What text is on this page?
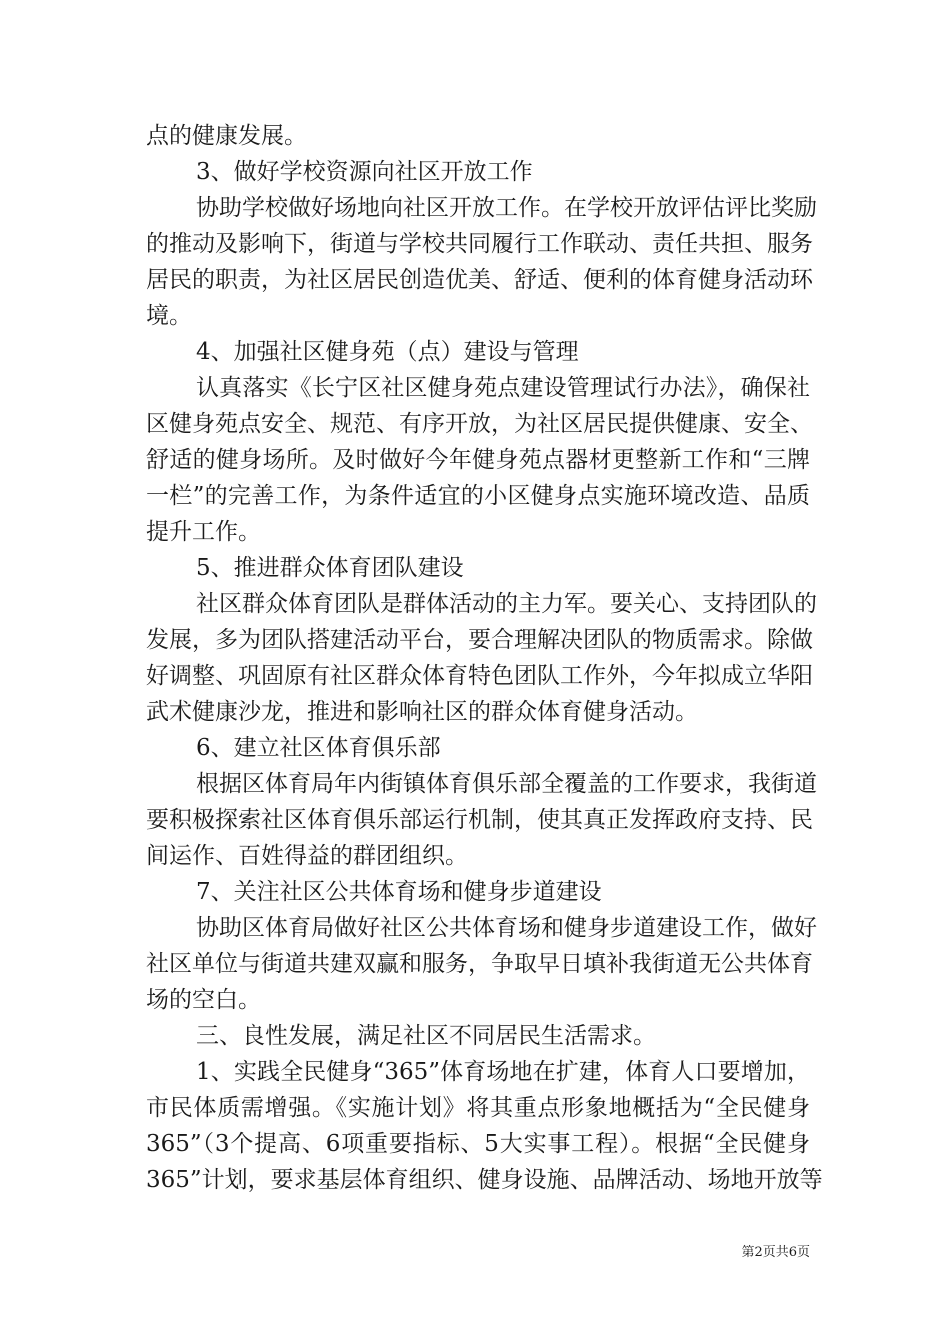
点的健康发展。
3、做好学校资源向社区开放工作
协助学校做好场地向社区开放工作。在学校开放评估评比奖励
的推动及影响下，街道与学校共同履行工作联动、责任共担、服务
居民的职责，为社区居民创造优美、舒适、便利的体育健身活动环
境。
4、加强社区健身苑（点）建设与管理
认真落实《长宁区社区健身苑点建设管理试行办法》，确保社
区健身苑点安全、规范、有序开放，为社区居民提供健康、安全、
舒适的健身场所。及时做好今年健身苑点器材更整新工作和“三牌
一栏”的完善工作，为条件适宜的小区健身点实施环境改造、品质
提升工作。
5、推进群众体育团队建设
社区群众体育团队是群体活动的主力军。要关心、支持团队的
发展，多为团队搭建活动平台，要合理解决团队的物质需求。除做
好调整、巩固原有社区群众体育特色团队工作外，今年拟成立华阳
武术健康沙龙，推进和影响社区的群众体育健身活动。
6、建立社区体育俱乐部
根据区体育局年内街镇体育俱乐部全覆盖的工作要求，我街道
要积极探索社区体育俱乐部运行机制，使其真正发挥政府支持、民
间运作、百姓得益的群团组织。
7、关注社区公共体育场和健身步道建设
协助区体育局做好社区公共体育场和健身步道建设工作，做好
社区单位与街道共建双赢和服务，争取早日填补我街道无公共体育
场的空白。
三、良性发展，满足社区不同居民生活需求。
1、实践全民健身“365”体育场地在扩建，体育人口要增加，
市民体质需增强。《实施计划》将其重点形象地概括为“全民健身
365”（3个提高、6项重要指标、5大实事工程）。根据“全民健身
365”计划，要求基层体育组织、健身设施、品牌活动、场地开放等
第2页共6页
